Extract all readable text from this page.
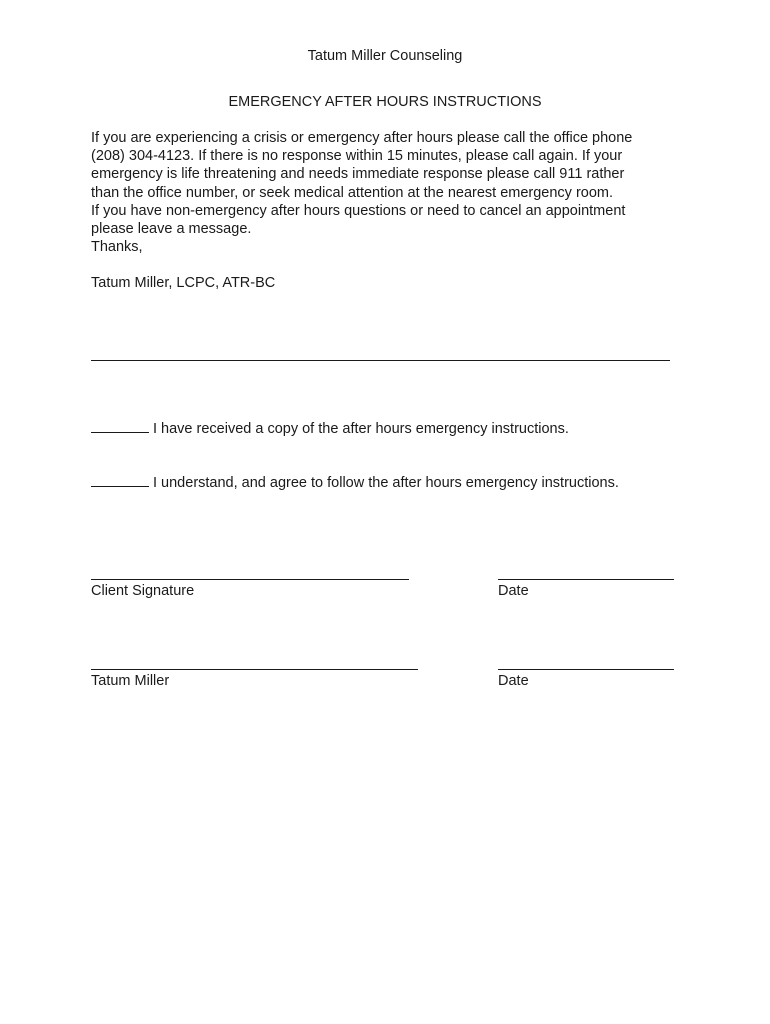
Tatum Miller Counseling
EMERGENCY AFTER HOURS INSTRUCTIONS

If you are experiencing a crisis or emergency after hours please call the office phone

(208) 304-4123. If there is no response within 15 minutes, please call again. If your

emergency is life threatening and needs immediate response please call 911 rather

than the office number, or seek medical attention at the nearest emergency room.

If you have non-emergency after hours questions or need to cancel an appointment

please leave a message.

Thanks,

Tatum Miller, LCPC, ATR-BC
I have received a copy of the after hours emergency instructions.
I understand, and agree to follow the after hours emergency instructions.
Client Signature	Date
Tatum Miller	Date
